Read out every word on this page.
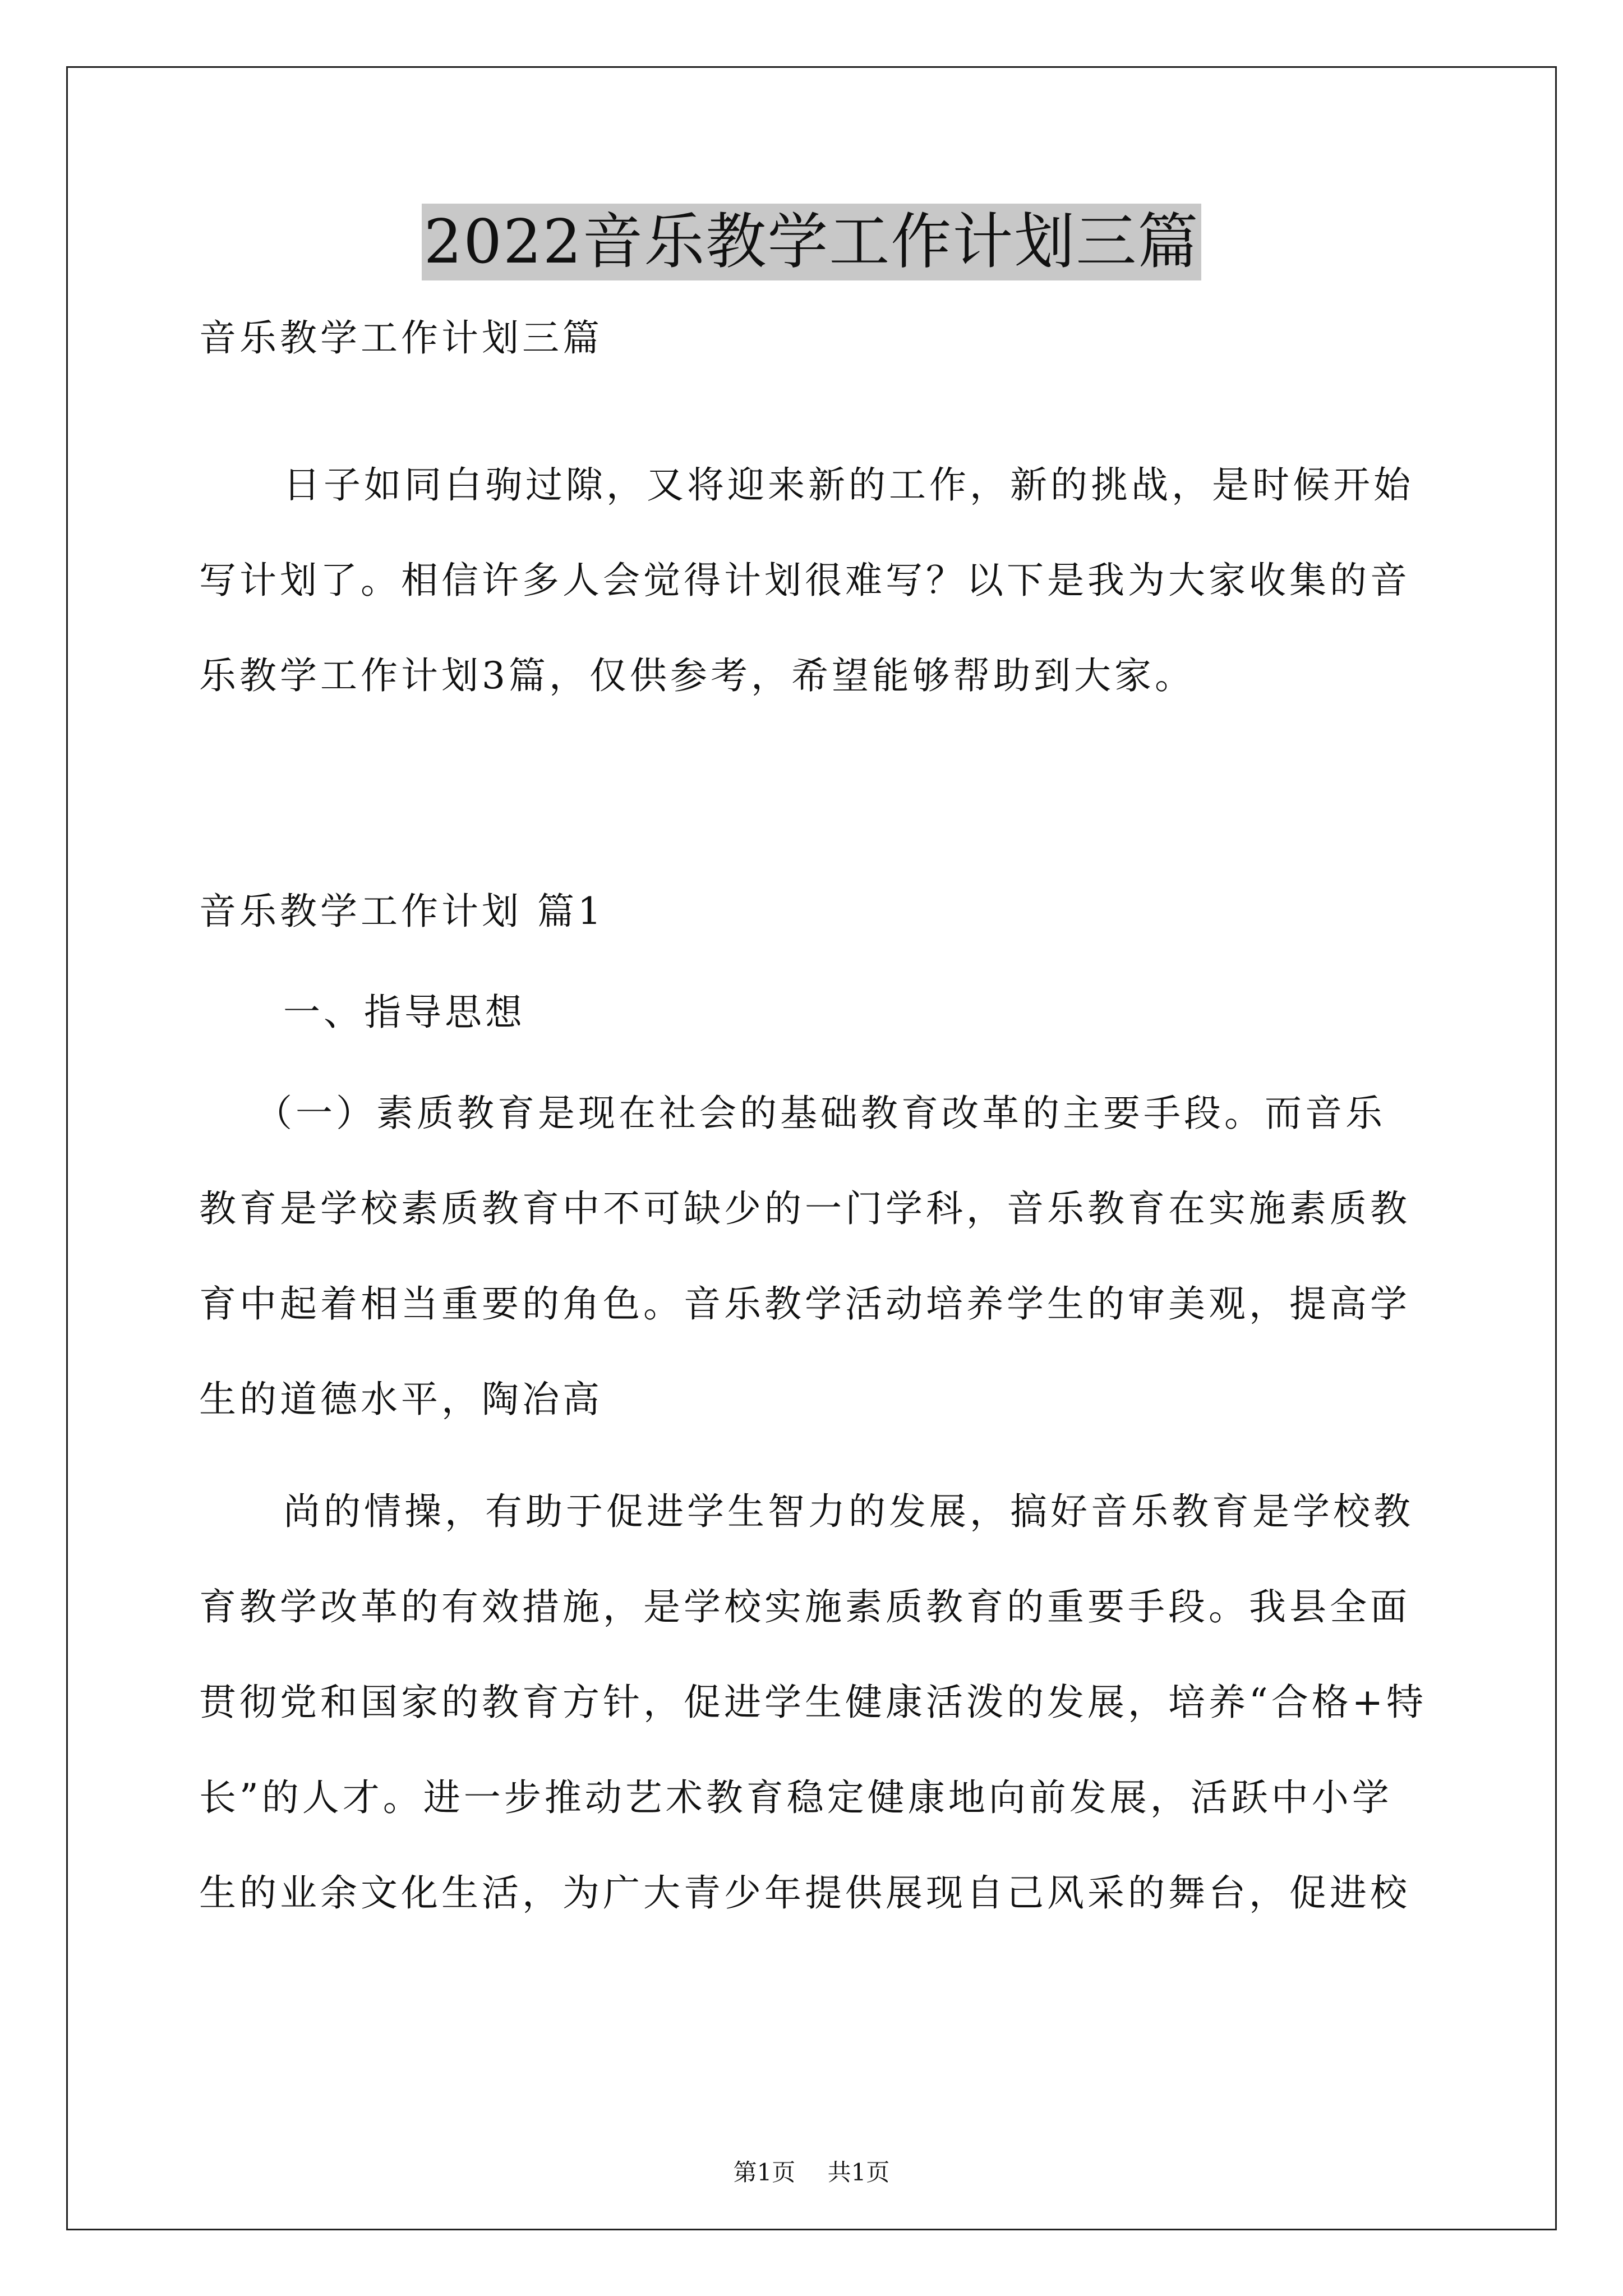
2022音乐教学工作计划三篇
音乐教学工作计划三篇
日子如同白驹过隙，又将迎来新的工作，新的挑战，是时候开始
写计划了。相信许多人会觉得计划很难写？以下是我为大家收集的音
乐教学工作计划3篇，仅供参考，希望能够帮助到大家。
音乐教学工作计划 篇1
一、指导思想
（一）素质教育是现在社会的基础教育改革的主要手段。而音乐
教育是学校素质教育中不可缺少的一门学科，音乐教育在实施素质教
育中起着相当重要的角色。音乐教学活动培养学生的审美观，提高学
生的道德水平，陶冶高
尚的情操，有助于促进学生智力的发展，搞好音乐教育是学校教
育教学改革的有效措施，是学校实施素质教育的重要手段。我县全面
贯彻党和国家的教育方针，促进学生健康活泼的发展，培养“合格+特
长”的人才。进一步推动艺术教育稳定健康地向前发展，活跃中小学
生的业余文化生活，为广大青少年提供展现自己风采的舞台，促进校
第1页 共1页
